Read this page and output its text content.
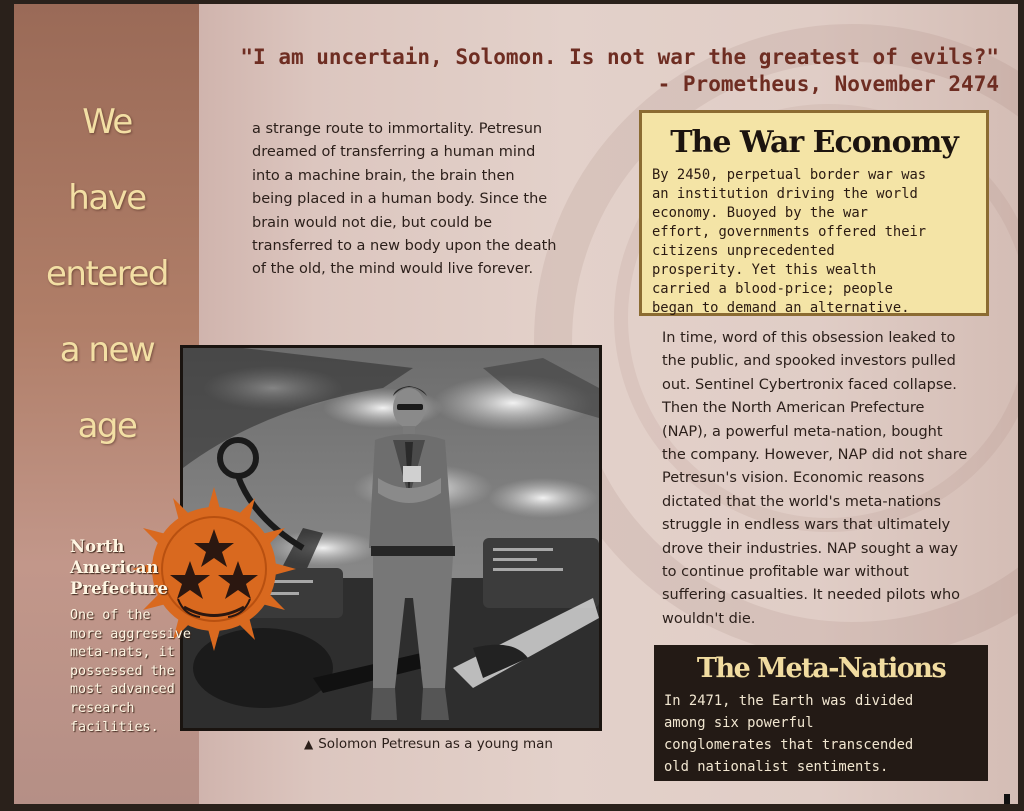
We
have
entered
a new
age
"I am uncertain, Solomon. Is not war the greatest of evils?"
- Prometheus, November 2474
a strange route to immortality. Petresun
dreamed of transferring a human mind
into a machine brain, the brain then
being placed in a human body. Since the
brain would not die, but could be
transferred to a new body upon the death
of the old, the mind would live forever.
The War Economy
By 2450, perpetual border war was
an institution driving the world
economy. Buoyed by the war
effort, governments offered their
citizens unprecedented
prosperity. Yet this wealth
carried a blood-price; people
began to demand an alternative.
In time, word of this obsession leaked to
the public, and spooked investors pulled
out. Sentinel Cybertronix faced collapse.
Then the North American Prefecture
(NAP), a powerful meta-nation, bought
the company. However, NAP did not share
Petresun's vision. Economic reasons
dictated that the world's meta-nations
struggle in endless wars that ultimately
drove their industries. NAP sought a way
to continue profitable war without
suffering casualties. It needed pilots who
wouldn't die.
The Meta-Nations
In 2471, the Earth was divided
among six powerful
conglomerates that transcended
old nationalist sentiments.
▲ Solomon Petresun as a young man
North
American
Prefecture
One of the
more aggressive
meta-nats, it
possessed the
most advanced
research
facilities.
